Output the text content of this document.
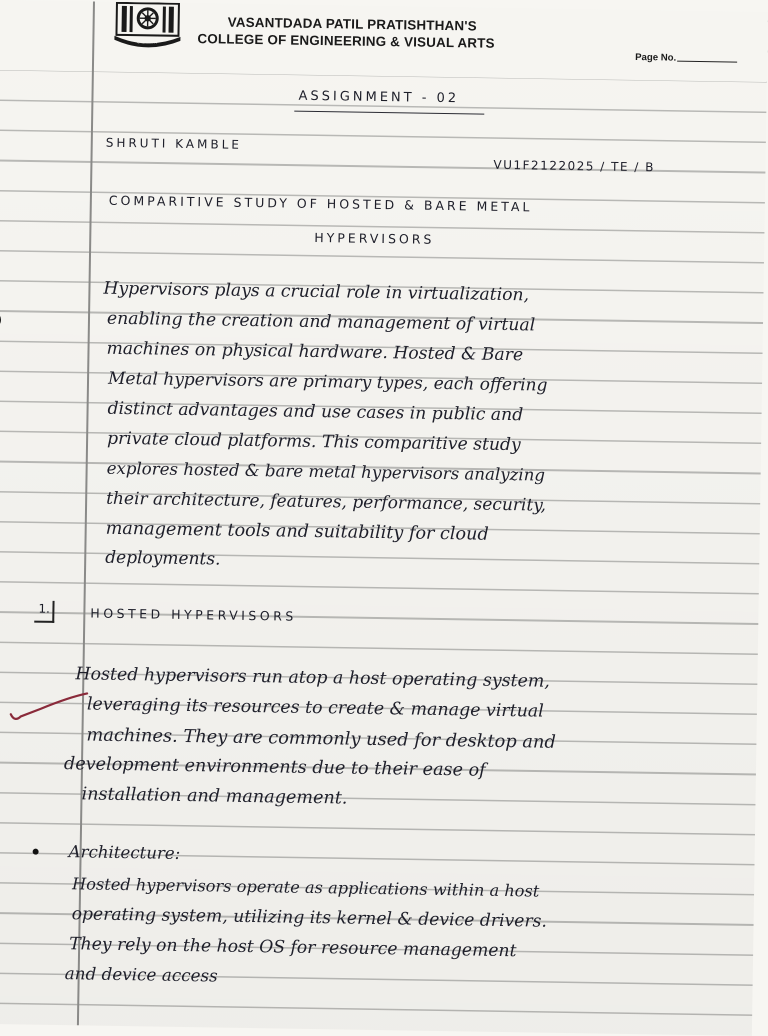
CREATIVITY
VASANTDADA PATIL PRATISHTHAN'S
COLLEGE OF ENGINEERING & VISUAL ARTS
Page No.
ASSIGNMENT - 02
SHRUTI KAMBLE
VU1F2122025 / TE / B
COMPARITIVE STUDY OF HOSTED & BARE METAL
HYPERVISORS
Hypervisors plays a crucial role in virtualization,
enabling the creation and management of virtual
machines on physical hardware. Hosted & Bare
Metal hypervisors are primary types, each offering
distinct advantages and use cases in public and
private cloud platforms. This comparitive study
explores hosted & bare metal hypervisors analyzing
their architecture, features, performance, security,
management tools and suitability for cloud
deployments.
1.	HOSTED HYPERVISORS
Hosted hypervisors run atop a host operating system,
leveraging its resources to create & manage virtual
machines. They are commonly used for desktop and
development environments due to their ease of
installation and management.
Architecture:
Hosted hypervisors operate as applications within a host
operating system, utilizing its kernel & device drivers.
They rely on the host OS for resource management
and device access
